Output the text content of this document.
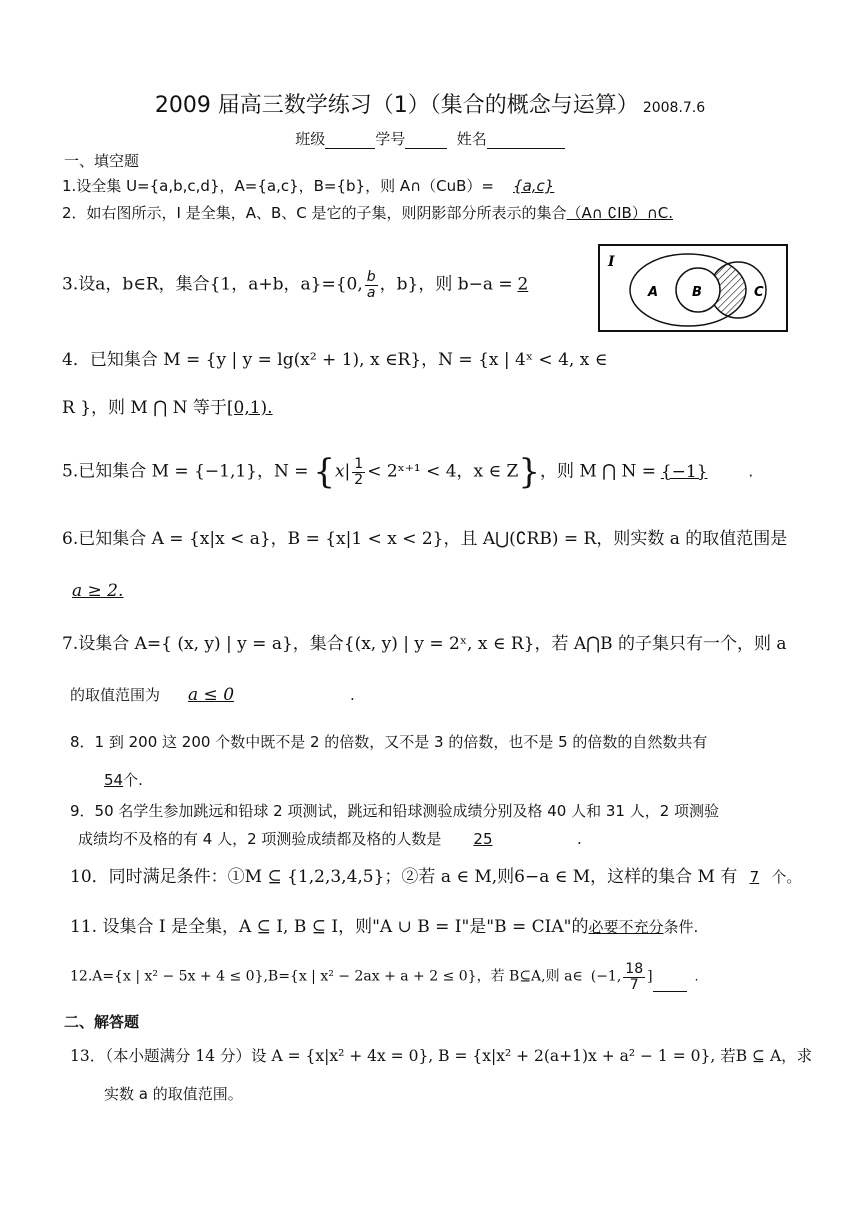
2009 届高三数学练习（1）（集合的概念与运算） 2008.7.6
班级	学号	姓名
一、填空题
1.设全集 U={a,b,c,d}，A={a,c}，B={b}，则 A∩（CuB）= {a,c}
2．如右图所示，I 是全集，A、B、C 是它的子集，则阴影部分所表示的集合（A∩ ∁IB）∩C.
3.设a，b∈R，集合{1，a+b，a}={0, $\frac{b}{a}$ ，b}，则 b−a = 2
I
A	B	C
4．已知集合 M = {y | y = lg(x² + 1), x ∈R}，N = {x | 4ˣ < 4, x ∈
R }，则 M ⋂ N 等于[0,1).
5.已知集合 M = {−1,1}，$N = \{x| \frac{1}{2}$ < 2ˣ⁺¹ < 4，x ∈ Z}，则 M ⋂ N = {−1}	.
6.已知集合 A = {x|x < a}，B = {x|1 < x < 2}，且 A⋃(∁RB) = R，则实数 a 的取值范围是
a ≥ 2.
7.设集合 A={ (x, y) | y = a}，集合{(x, y) | y = 2ˣ, x ∈ R}，若 A⋂B 的子集只有一个，则 a
的取值范围为 a ≤ 0	.
8．1 到 200 这 200 个数中既不是 2 的倍数，又不是 3 的倍数，也不是 5 的倍数的自然数共有
54个.
9．50 名学生参加跳远和铅球 2 项测试，跳远和铅球测验成绩分别及格 40 人和 31 人，2 项测验
成绩均不及格的有 4 人，2 项测验成绩都及格的人数是 25	.
10．同时满足条件：①M ⊆ {1,2,3,4,5}；②若 a ∈ M,则6−a ∈ M，这样的集合 M 有 7 个。
11. 设集合 I 是全集，A ⊆ I, B ⊆ I，则"A ∪ B = I"是"B = CIA"的必要不充分条件.
12.A={x | x² − 5x + 4 ≤ 0},B={x | x² − 2ax + a + 2 ≤ 0}，若 B⊆A,则 a∈ (−1, $\frac{18}{7}$ ]	.
二、解答题
13．（本小题满分 14 分）设 A = {x|x² + 4x = 0}, B = {x|x² + 2(a+1)x + a² − 1 = 0}, 若B ⊆ A，求
实数 a 的取值范围。
